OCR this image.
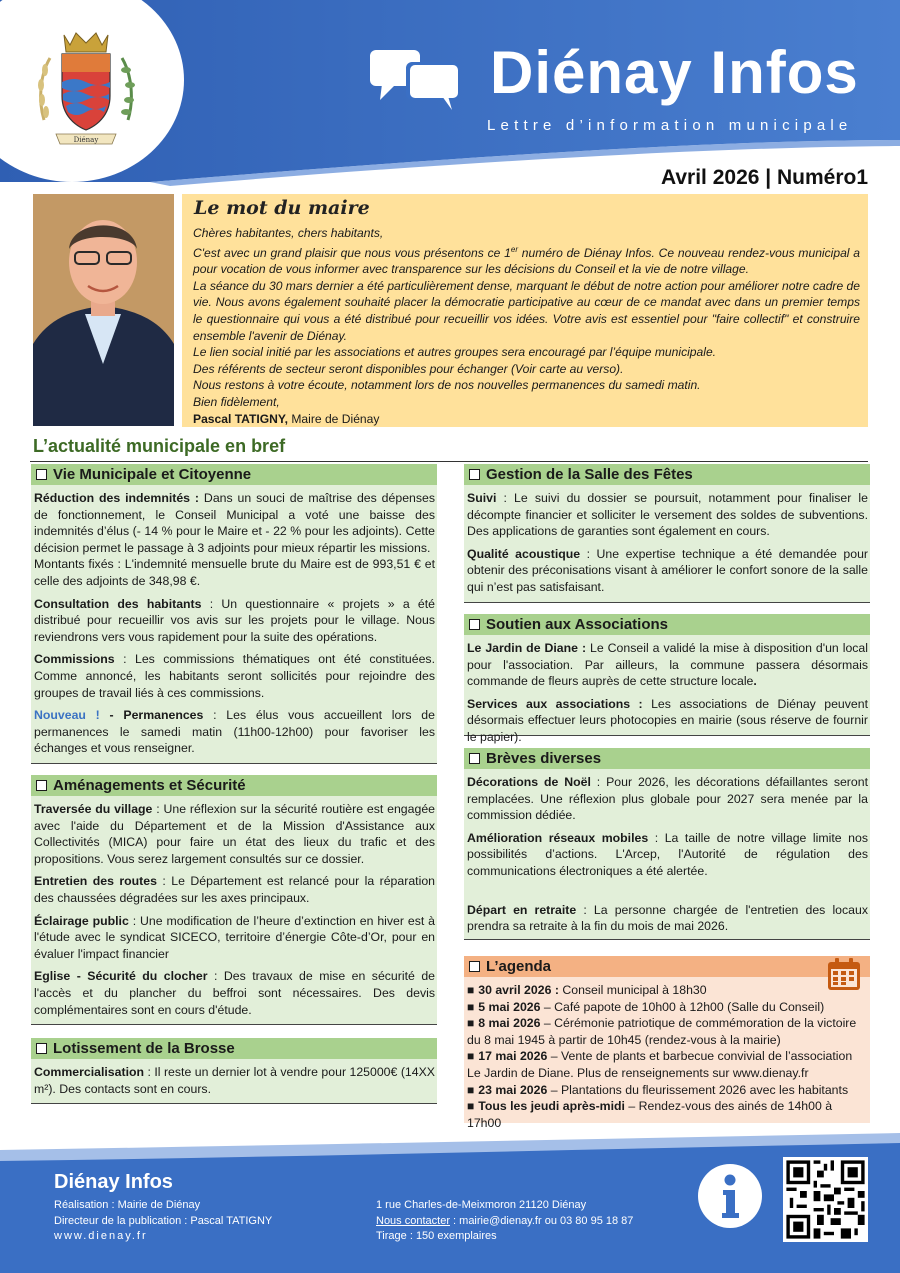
Diénay
Diénay Infos
Lettre d’information municipale
Avril 2026 | Numéro1
Le mot du maire

Chères habitantes, chers habitants,

C'est avec un grand plaisir que nous vous présentons ce 1er numéro de Diénay Infos. Ce nouveau rendez-vous municipal a pour vocation de vous informer avec transparence sur les décisions du Conseil et la vie de notre village.

La séance du 30 mars dernier a été particulièrement dense, marquant le début de notre action pour améliorer notre cadre de vie. Nous avons également souhaité placer la démocratie participative au cœur de ce mandat avec dans un premier temps le questionnaire qui vous a été distribué pour recueillir vos idées. Votre avis est essentiel pour "faire collectif" et construire ensemble l'avenir de Diénay.

Le lien social initié par les associations et autres groupes sera encouragé par l’équipe municipale.

Des référents de secteur seront disponibles pour échanger (Voir carte au verso).

Nous restons à votre écoute, notamment lors de nos nouvelles permanences du samedi matin.

Bien fidèlement,

Pascal TATIGNY, Maire de Diénay

L’actualité municipale en bref
Vie Municipale et Citoyenne

Réduction des indemnités : Dans un souci de maîtrise des dépenses de fonctionnement, le Conseil Municipal a voté une baisse des indemnités d’élus (- 14 % pour le Maire et - 22 % pour les adjoints). Cette décision permet le passage à 3 adjoints pour mieux répartir les missions.
Montants fixés : L'indemnité mensuelle brute du Maire est de 993,51 € et celle des adjoints de 348,98 €.

Consultation des habitants : Un questionnaire « projets » a été distribué pour recueillir vos avis sur les projets pour le village. Nous reviendrons vers vous rapidement pour la suite des opérations.

Commissions : Les commissions thématiques ont été constituées. Comme annoncé, les habitants seront sollicités pour rejoindre des groupes de travail liés à ces commissions.

Nouveau ! - Permanences : Les élus vous accueillent lors de permanences le samedi matin (11h00-12h00) pour favoriser les échanges et vous renseigner.

Aménagements et Sécurité

Traversée du village : Une réflexion sur la sécurité routière est engagée avec l'aide du Département et de la Mission d'Assistance aux Collectivités (MICA) pour faire un état des lieux du trafic et des propositions. Vous serez largement consultés sur ce dossier.

Entretien des routes : Le Département est relancé pour la réparation des chaussées dégradées sur les axes principaux.

Éclairage public : Une modification de l’heure d’extinction en hiver est à l'étude avec le syndicat SICECO, territoire d’énergie Côte-d’Or, pour en évaluer l'impact financier

Eglise - Sécurité du clocher : Des travaux de mise en sécurité de l'accès et du plancher du beffroi sont nécessaires. Des devis complémentaires sont en cours d'étude.

Lotissement de la Brosse

Commercialisation : Il reste un dernier lot à vendre pour 125000€ (14XX m²). Des contacts sont en cours.

Gestion de la Salle des Fêtes

Suivi : Le suivi du dossier se poursuit, notamment pour finaliser le décompte financier et solliciter le versement des soldes de subventions. Des applications de garanties sont également en cours.

Qualité acoustique : Une expertise technique a été demandée pour obtenir des préconisations visant à améliorer le confort sonore de la salle qui n’est pas satisfaisant.

Soutien aux Associations

Le Jardin de Diane : Le Conseil a validé la mise à disposition d'un local pour l'association. Par ailleurs, la commune passera désormais commande de fleurs auprès de cette structure locale.

Services aux associations : Les associations de Diénay peuvent désormais effectuer leurs photocopies en mairie (sous réserve de fournir le papier).

Brèves diverses

Décorations de Noël : Pour 2026, les décorations défaillantes seront remplacées. Une réflexion plus globale pour 2027 sera menée par la commission dédiée.

Amélioration réseaux mobiles : La taille de notre village limite nos possibilités d’actions. L'Arcep, l'Autorité de régulation des communications électroniques a été alertée.

Départ en retraite : La personne chargée de l'entretien des locaux prendra sa retraite à la fin du mois de mai 2026.

L’agenda
■ 30 avril 2026 : Conseil municipal à 18h30
■ 5 mai 2026 – Café papote de 10h00 à 12h00 (Salle du Conseil)
■ 8 mai 2026 – Cérémonie patriotique de commémoration de la victoire du 8 mai 1945 à partir de 10h45 (rendez-vous à la mairie)
■ 17 mai 2026 – Vente de plants et barbecue convivial de l’association Le Jardin de Diane. Plus de renseignements sur www.dienay.fr
■ 23 mai 2026 – Plantations du fleurissement 2026 avec les habitants
■ Tous les jeudi après-midi – Rendez-vous des ainés de 14h00 à 17h00
Diénay Infos
Réalisation : Mairie de Diénay
Directeur de la publication : Pascal TATIGNY
www.dienay.fr
1 rue Charles-de-Meixmoron 21120 Diénay
Nous contacter : mairie@dienay.fr ou 03 80 95 18 87
Tirage : 150 exemplaires
